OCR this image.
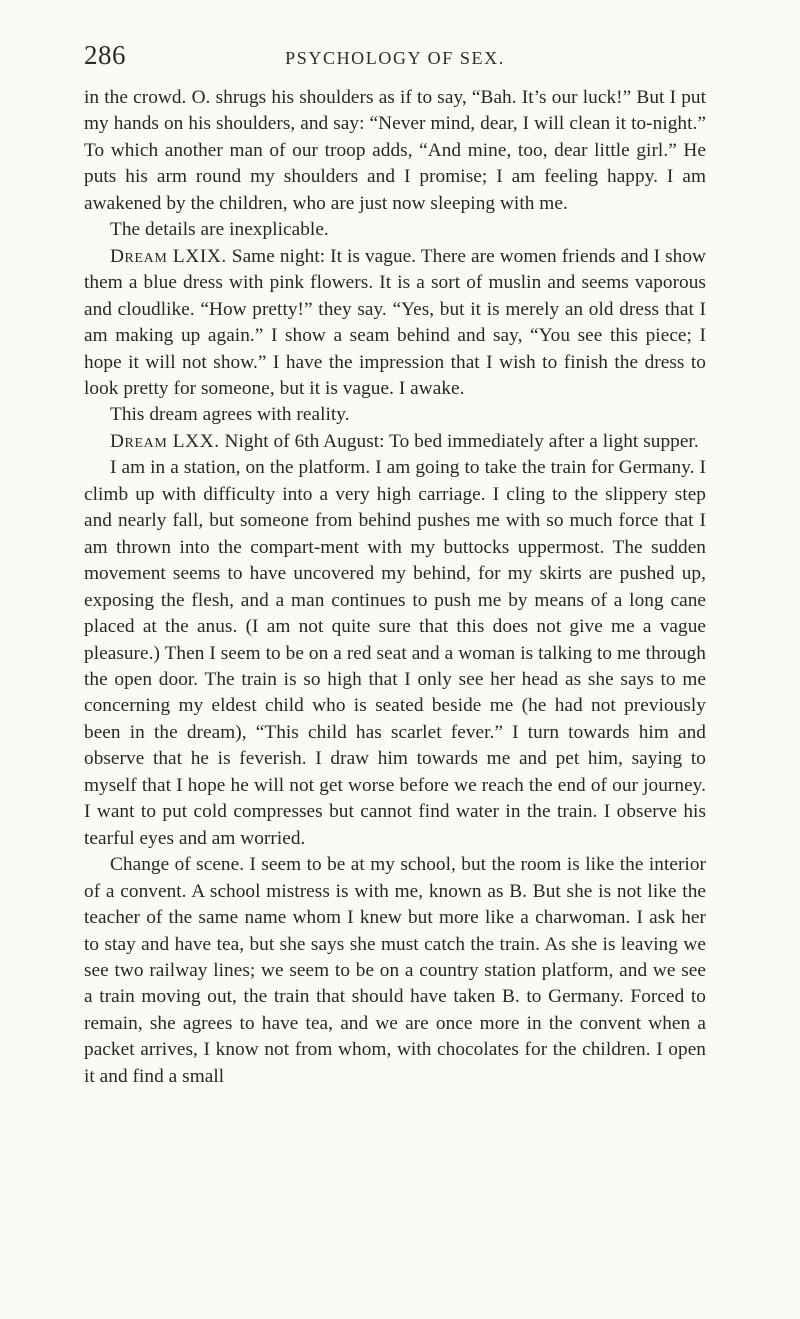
286	PSYCHOLOGY OF SEX.

in the crowd. O. shrugs his shoulders as if to say, “Bah. It’s our luck!” But I put my hands on his shoulders, and say: “Never mind, dear, I will clean it to-night.” To which another man of our troop adds, “And mine, too, dear little girl.” He puts his arm round my shoulders and I promise; I am feeling happy. I am awakened by the children, who are just now sleeping with me.

The details are inexplicable.

Dream LXIX. Same night: It is vague. There are women friends and I show them a blue dress with pink flowers. It is a sort of muslin and seems vaporous and cloudlike. “How pretty!” they say. “Yes, but it is merely an old dress that I am making up again.” I show a seam behind and say, “You see this piece; I hope it will not show.” I have the impression that I wish to finish the dress to look pretty for someone, but it is vague. I awake.

This dream agrees with reality.

Dream LXX. Night of 6th August: To bed immediately after a light supper.

I am in a station, on the platform. I am going to take the train for Germany. I climb up with difficulty into a very high carriage. I cling to the slippery step and nearly fall, but someone from behind pushes me with so much force that I am thrown into the compart-ment with my buttocks uppermost. The sudden movement seems to have uncovered my behind, for my skirts are pushed up, exposing the flesh, and a man continues to push me by means of a long cane placed at the anus. (I am not quite sure that this does not give me a vague pleasure.) Then I seem to be on a red seat and a woman is talking to me through the open door. The train is so high that I only see her head as she says to me concerning my eldest child who is seated beside me (he had not previously been in the dream), “This child has scarlet fever.” I turn towards him and observe that he is feverish. I draw him towards me and pet him, saying to myself that I hope he will not get worse before we reach the end of our journey. I want to put cold compresses but cannot find water in the train. I observe his tearful eyes and am worried.

Change of scene. I seem to be at my school, but the room is like the interior of a convent. A school mistress is with me, known as B. But she is not like the teacher of the same name whom I knew but more like a charwoman. I ask her to stay and have tea, but she says she must catch the train. As she is leaving we see two railway lines; we seem to be on a country station platform, and we see a train moving out, the train that should have taken B. to Germany. Forced to remain, she agrees to have tea, and we are once more in the convent when a packet arrives, I know not from whom, with chocolates for the children. I open it and find a small
